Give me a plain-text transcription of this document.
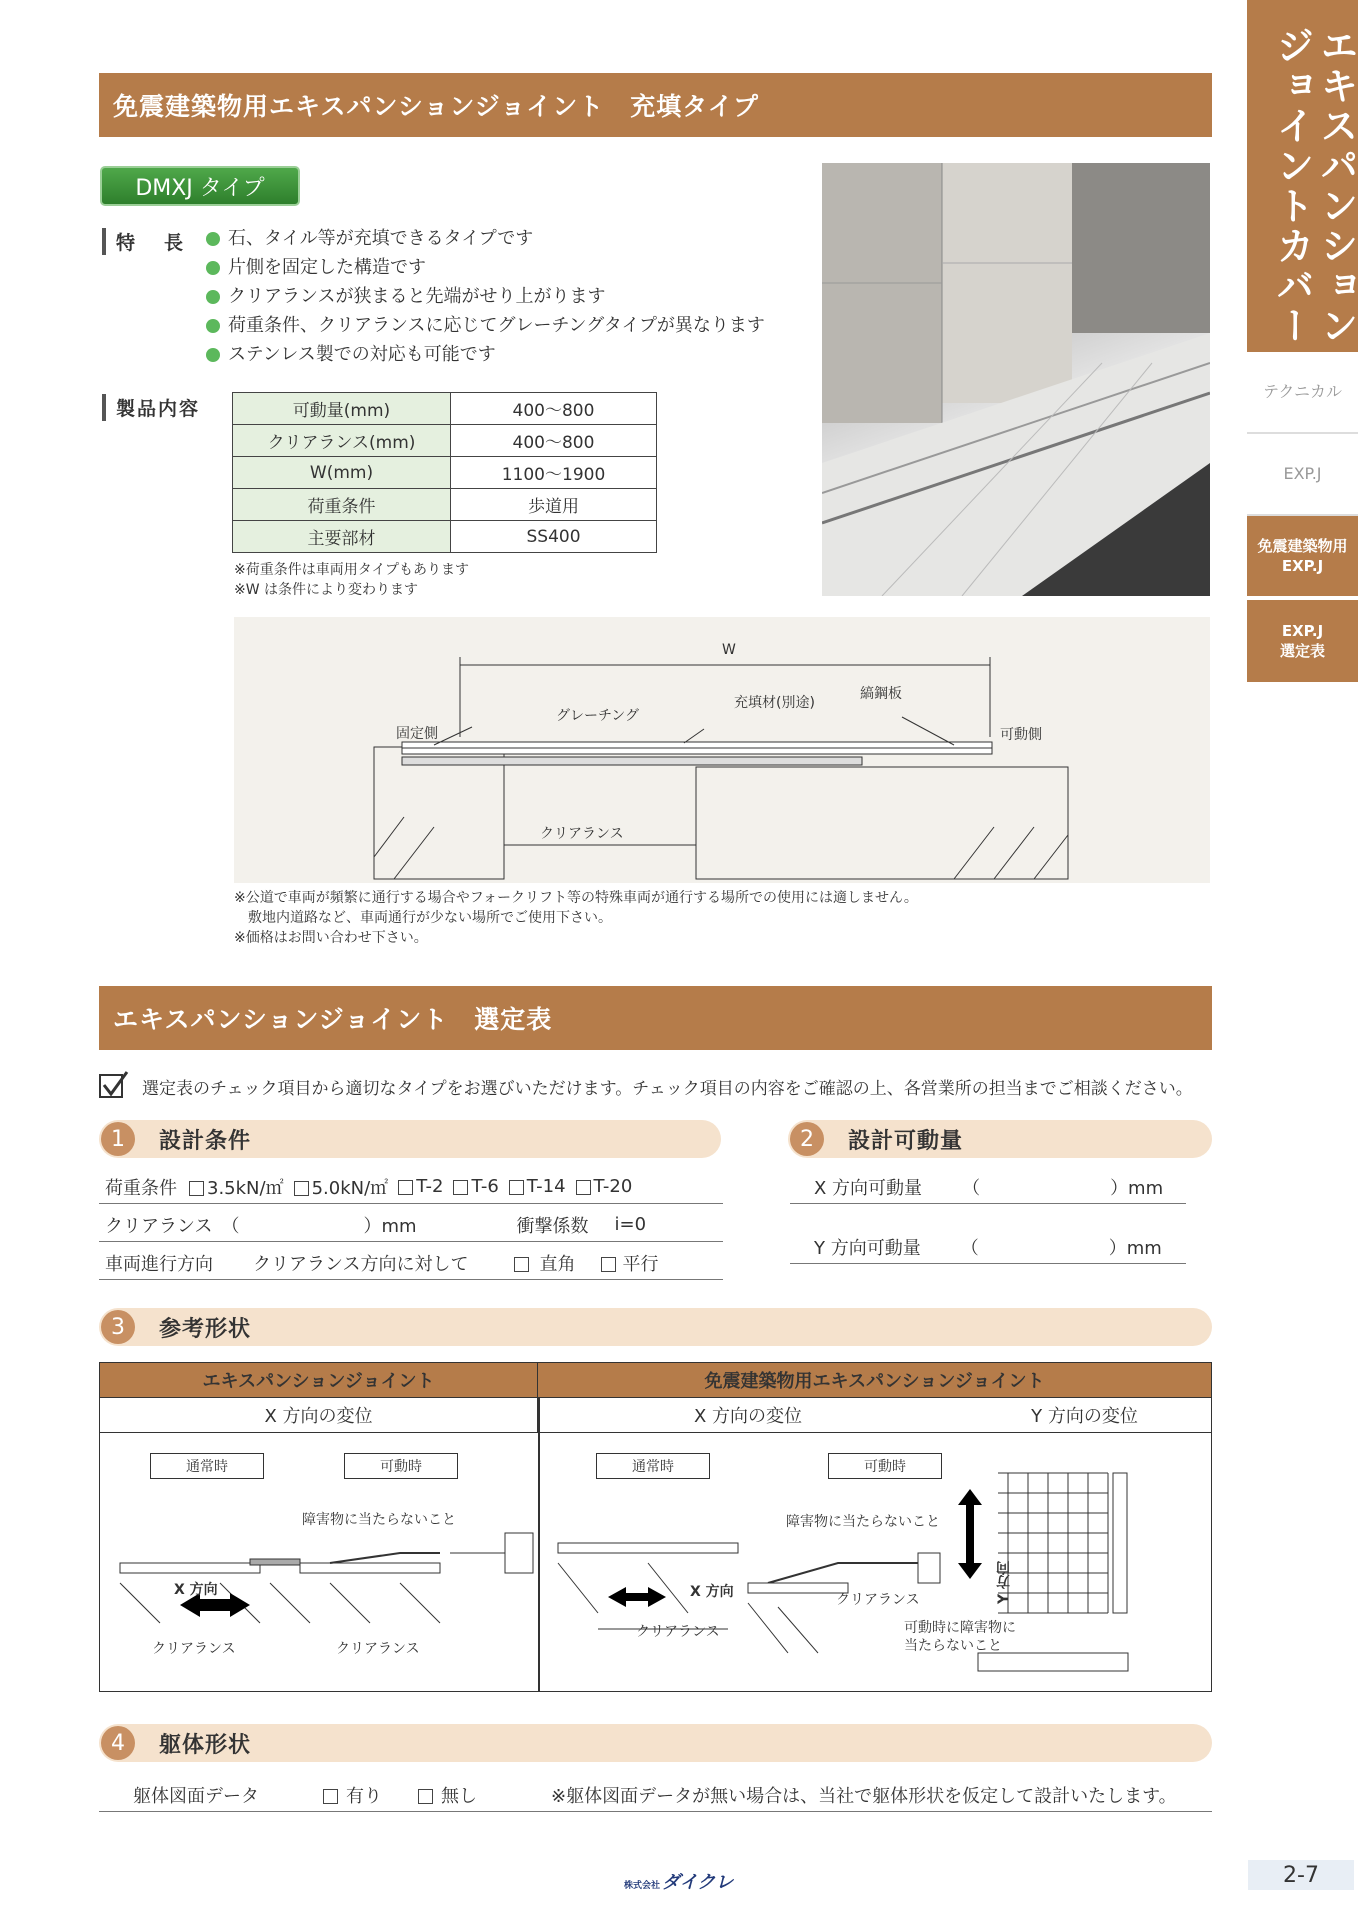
エキスパンションジョイントカバー
テクニカル
EXP.J
免震建築物用
EXP.J
EXP.J
選定表
免震建築物用エキスパンションジョイント　充填タイプ
DMXJ タイプ
特　長 石、タイル等が充填できるタイプです
片側を固定した構造です
クリアランスが狭まると先端がせり上がります
荷重条件、クリアランスに応じてグレーチングタイプが異なります
ステンレス製での対応も可能です
製品内容	可動量(mm)	400〜800
クリアランス(mm)	400〜800
W(mm)	1100〜1900
荷重条件	歩道用
主要部材	SS400
※荷重条件は車両用タイプもあります
※W は条件により変わります
W
充填材(別途)
縞鋼板
グレーチング
固定側	可動側
クリアランス
※公道で車両が頻繁に通行する場合やフォークリフト等の特殊車両が通行する場所での使用には適しません。
　敷地内道路など、車両通行が少ない場所でご使用下さい。
※価格はお問い合わせ下さい。
エキスパンションジョイント　選定表
選定表のチェック項目から適切なタイプをお選びいただけます。チェック項目の内容をご確認の上、各営業所の担当までご相談ください。
1	設計条件
荷重条件	3.5kN/㎡	5.0kN/㎡	T-2	T-6	T-14	T-20
クリアランス　（	）mm	衝撃係数 i=0
車両進行方向 クリアランス方向に対して	直角	平行
2	設計可動量
X 方向可動量 （	）mm
Y 方向可動量 （	）mm
3	参考形状
エキスパンションジョイント	免震建築物用エキスパンションジョイント
X 方向の変位	X 方向の変位	Y 方向の変位
通常時	可動時
障害物に当たらないこと
X 方向
クリアランス	クリアランス
通常時	可動時
障害物に当たらないこと
X 方向
クリアランス
クリアランス	Y 方向
可動時に障害物に
当たらないこと
4	躯体形状
躯体図面データ	有り	無し	※躯体図面データが無い場合は、当社で躯体形状を仮定して設計いたします。
株式会社 ダイクレ	2-7
